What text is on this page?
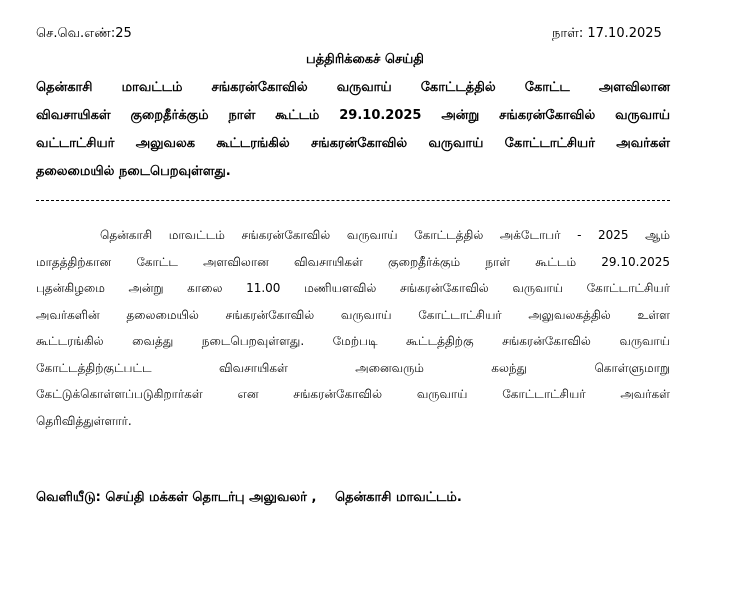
செ.வெ.எண்:25	நாள்: 17.10.2025
பத்திரிக்கைச் செய்தி
தென்காசி மாவட்டம் சங்கரன்கோவில் வருவாய் கோட்டத்தில் கோட்ட அளவிலான
விவசாயிகள் குறைதீர்க்கும் நாள் கூட்டம் 29.10.2025 அன்று சங்கரன்கோவில் வருவாய்
வட்டாட்சியர் அலுவலக கூட்டரங்கில் சங்கரன்கோவில் வருவாய் கோட்டாட்சியர் அவர்கள்
தலைமையில் நடைபெறவுள்ளது.
தென்காசி மாவட்டம் சங்கரன்கோவில் வருவாய் கோட்டத்தில் அக்டோபர் - 2025 ஆம்
மாதத்திற்கான கோட்ட அளவிலான விவசாயிகள் குறைதீர்க்கும் நாள் கூட்டம் 29.10.2025
புதன்கிழமை அன்று காலை 11.00 மணியளவில் சங்கரன்கோவில் வருவாய் கோட்டாட்சியர்
அவர்களின் தலைமையில் சங்கரன்கோவில் வருவாய் கோட்டாட்சியர் அலுவலகத்தில் உள்ள
கூட்டரங்கில் வைத்து நடைபெறவுள்ளது. மேற்படி கூட்டத்திற்கு சங்கரன்கோவில் வருவாய்
கோட்டத்திற்குட்பட்ட விவசாயிகள் அனைவரும் கலந்து கொள்ளுமாறு
கேட்டுக்கொள்ளப்படுகிறார்கள் என சங்கரன்கோவில் வருவாய் கோட்டாட்சியர் அவர்கள்
தெரிவித்துள்ளார்.
வெளியீடு: செய்தி மக்கள் தொடர்பு அலுவலர் , தென்காசி மாவட்டம்.
